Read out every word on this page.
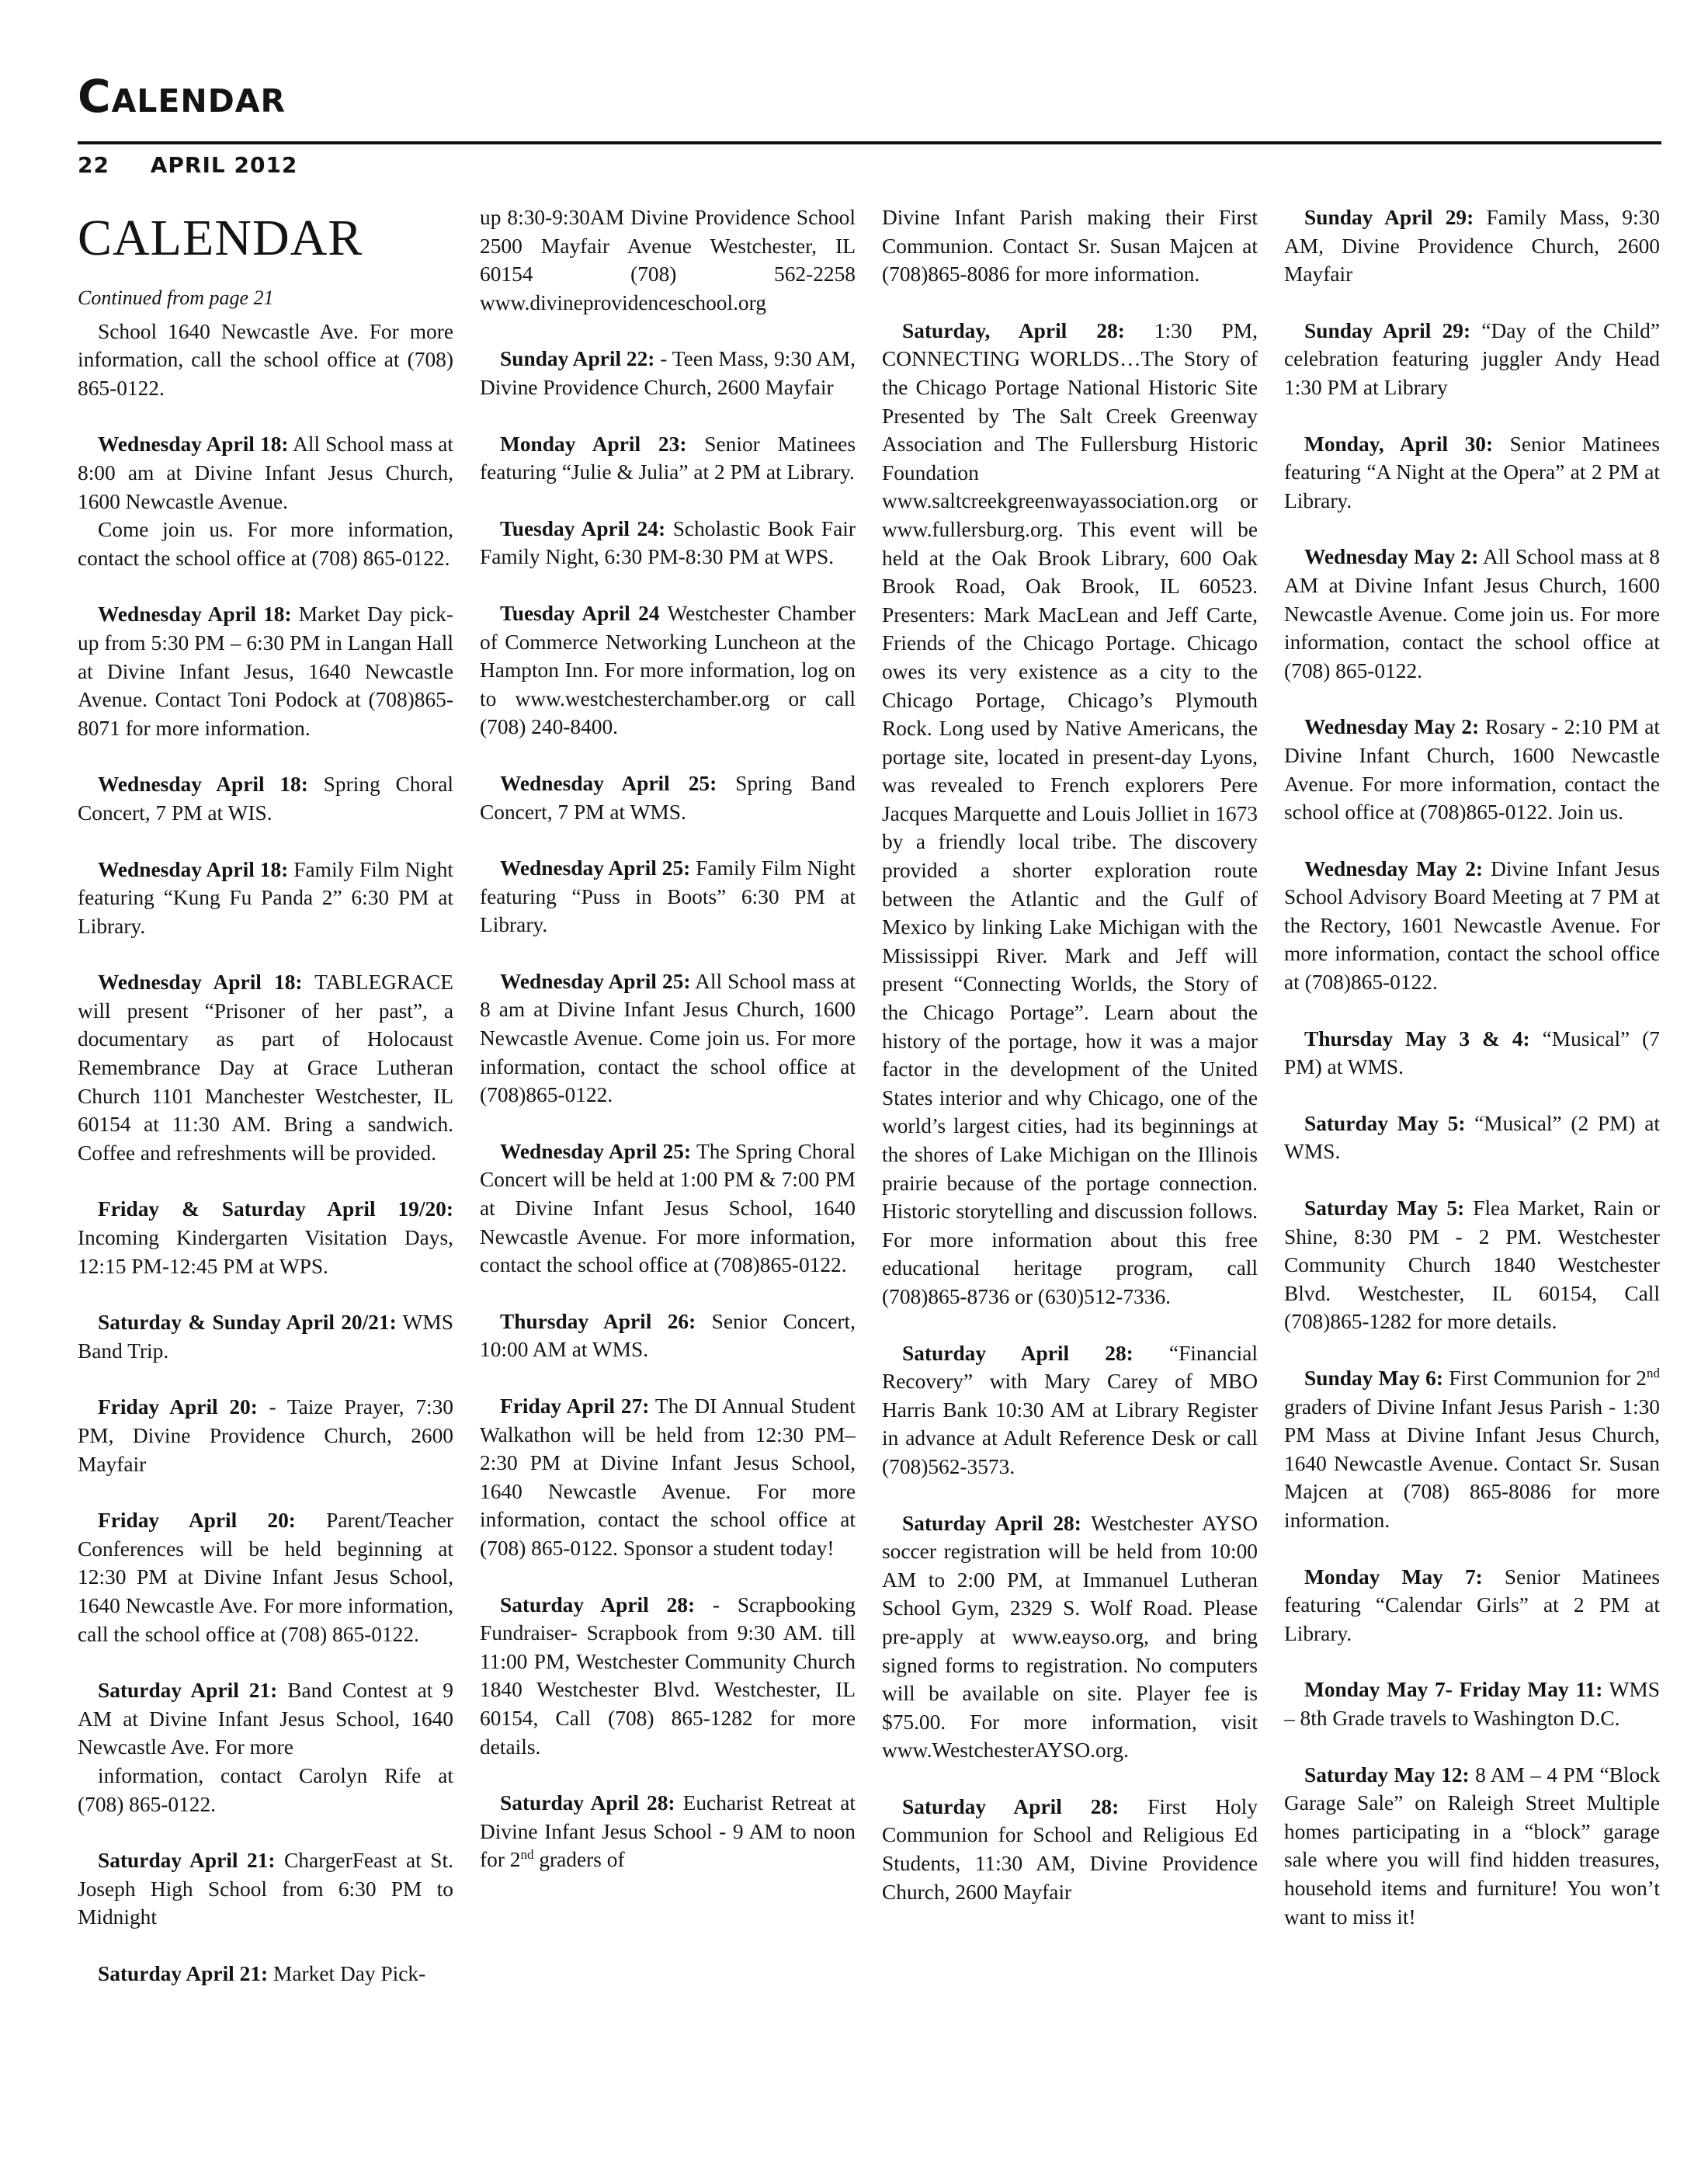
Calendar
22 APRIL 2012
CALENDAR

Continued from page 21

School 1640 Newcastle Ave. For more information, call the school office at (708) 865-0122.

Wednesday April 18: All School mass at 8:00 am at Divine Infant Jesus Church, 1600 Newcastle Avenue.
Come join us. For more information, contact the school office at (708) 865-0122.

Wednesday April 18: Market Day pick-up from 5:30 PM – 6:30 PM in Langan Hall at Divine Infant Jesus, 1640 Newcastle Avenue. Contact Toni Podock at (708)865-8071 for more information.

Wednesday April 18: Spring Choral Concert, 7 PM at WIS.

Wednesday April 18: Family Film Night featuring “Kung Fu Panda 2” 6:30 PM at Library.

Wednesday April 18: TABLEGRACE will present “Prisoner of her past”, a documentary as part of Holocaust Remembrance Day at Grace Lutheran Church 1101 Manchester Westchester, IL 60154 at 11:30 AM. Bring a sandwich. Coffee and refreshments will be provided.

Friday & Saturday April 19/20: Incoming Kindergarten Visitation Days, 12:15 PM-12:45 PM at WPS.

Saturday & Sunday April 20/21: WMS Band Trip.

Friday April 20: - Taize Prayer, 7:30 PM, Divine Providence Church, 2600 Mayfair

Friday April 20: Parent/Teacher Conferences will be held beginning at 12:30 PM at Divine Infant Jesus School, 1640 Newcastle Ave. For more information, call the school office at (708) 865-0122.

Saturday April 21: Band Contest at 9 AM at Divine Infant Jesus School, 1640 Newcastle Ave. For more
information, contact Carolyn Rife at (708) 865-0122.

Saturday April 21: ChargerFeast at St. Joseph High School from 6:30 PM to Midnight

Saturday April 21: Market Day Pick-

up 8:30-9:30AM Divine Providence School 2500 Mayfair Avenue Westchester, IL 60154 (708) 562-2258 www.divineprovidenceschool.org

Sunday April 22: - Teen Mass, 9:30 AM, Divine Providence Church, 2600 Mayfair

Monday April 23: Senior Matinees featuring “Julie & Julia” at 2 PM at Library.

Tuesday April 24: Scholastic Book Fair Family Night, 6:30 PM-8:30 PM at WPS.

Tuesday April 24 Westchester Chamber of Commerce Networking Luncheon at the Hampton Inn. For more information, log on to www.westchesterchamber.org or call (708) 240-8400.

Wednesday April 25: Spring Band Concert, 7 PM at WMS.

Wednesday April 25: Family Film Night featuring “Puss in Boots” 6:30 PM at Library.

Wednesday April 25: All School mass at 8 am at Divine Infant Jesus Church, 1600 Newcastle Avenue. Come join us. For more information, contact the school office at (708)865-0122.

Wednesday April 25: The Spring Choral Concert will be held at 1:00 PM & 7:00 PM at Divine Infant Jesus School, 1640 Newcastle Avenue. For more information, contact the school office at (708)865-0122.

Thursday April 26: Senior Concert, 10:00 AM at WMS.

Friday April 27: The DI Annual Student Walkathon will be held from 12:30 PM– 2:30 PM at Divine Infant Jesus School, 1640 Newcastle Avenue. For more information, contact the school office at (708) 865-0122. Sponsor a student today!

Saturday April 28: - Scrapbooking Fundraiser- Scrapbook from 9:30 AM. till 11:00 PM, Westchester Community Church 1840 Westchester Blvd. Westchester, IL 60154, Call (708) 865-1282 for more details.

Saturday April 28: Eucharist Retreat at Divine Infant Jesus School - 9 AM to noon for 2nd graders of

Divine Infant Parish making their First Communion. Contact Sr. Susan Majcen at (708)865-8086 for more information.

Saturday, April 28: 1:30 PM, CONNECTING WORLDS…The Story of the Chicago Portage National Historic Site Presented by The Salt Creek Greenway Association and The Fullersburg Historic Foundation www.saltcreekgreenwayassociation.org or www.fullersburg.org. This event will be held at the Oak Brook Library, 600 Oak Brook Road, Oak Brook, IL 60523. Presenters: Mark MacLean and Jeff Carte, Friends of the Chicago Portage. Chicago owes its very existence as a city to the Chicago Portage, Chicago’s Plymouth Rock. Long used by Native Americans, the portage site, located in present-day Lyons, was revealed to French explorers Pere Jacques Marquette and Louis Jolliet in 1673 by a friendly local tribe. The discovery provided a shorter exploration route between the Atlantic and the Gulf of Mexico by linking Lake Michigan with the Mississippi River. Mark and Jeff will present “Connecting Worlds, the Story of the Chicago Portage”. Learn about the history of the portage, how it was a major factor in the development of the United States interior and why Chicago, one of the world’s largest cities, had its beginnings at the shores of Lake Michigan on the Illinois prairie because of the portage connection. Historic storytelling and discussion follows. For more information about this free educational heritage program, call (708)865-8736 or (630)512-7336.

Saturday April 28: “Financial Recovery” with Mary Carey of MBO Harris Bank 10:30 AM at Library Register in advance at Adult Reference Desk or call (708)562-3573.

Saturday April 28: Westchester AYSO soccer registration will be held from 10:00 AM to 2:00 PM, at Immanuel Lutheran School Gym, 2329 S. Wolf Road. Please pre-apply at www.eayso.org, and bring signed forms to registration. No computers will be available on site. Player fee is $75.00. For more information, visit www.WestchesterAYSO.org.

Saturday April 28: First Holy Communion for School and Religious Ed Students, 11:30 AM, Divine Providence Church, 2600 Mayfair

Sunday April 29: Family Mass, 9:30 AM, Divine Providence Church, 2600 Mayfair

Sunday April 29: “Day of the Child” celebration featuring juggler Andy Head 1:30 PM at Library

Monday, April 30: Senior Matinees featuring “A Night at the Opera” at 2 PM at Library.

Wednesday May 2: All School mass at 8 AM at Divine Infant Jesus Church, 1600 Newcastle Avenue. Come join us. For more information, contact the school office at (708) 865-0122.

Wednesday May 2: Rosary - 2:10 PM at Divine Infant Church, 1600 Newcastle Avenue. For more information, contact the school office at (708)865-0122. Join us.

Wednesday May 2: Divine Infant Jesus School Advisory Board Meeting at 7 PM at the Rectory, 1601 Newcastle Avenue. For more information, contact the school office at (708)865-0122.

Thursday May 3 & 4: “Musical” (7 PM) at WMS.

Saturday May 5: “Musical” (2 PM) at WMS.

Saturday May 5: Flea Market, Rain or Shine, 8:30 PM - 2 PM. Westchester Community Church 1840 Westchester Blvd. Westchester, IL 60154, Call (708)865-1282 for more details.

Sunday May 6: First Communion for 2nd graders of Divine Infant Jesus Parish - 1:30 PM Mass at Divine Infant Jesus Church, 1640 Newcastle Avenue. Contact Sr. Susan Majcen at (708) 865-8086 for more information.

Monday May 7: Senior Matinees featuring “Calendar Girls” at 2 PM at Library.

Monday May 7- Friday May 11: WMS – 8th Grade travels to Washington D.C.

Saturday May 12: 8 AM – 4 PM “Block Garage Sale” on Raleigh Street Multiple homes participating in a “block” garage sale where you will find hidden treasures, household items and furniture! You won’t want to miss it!
